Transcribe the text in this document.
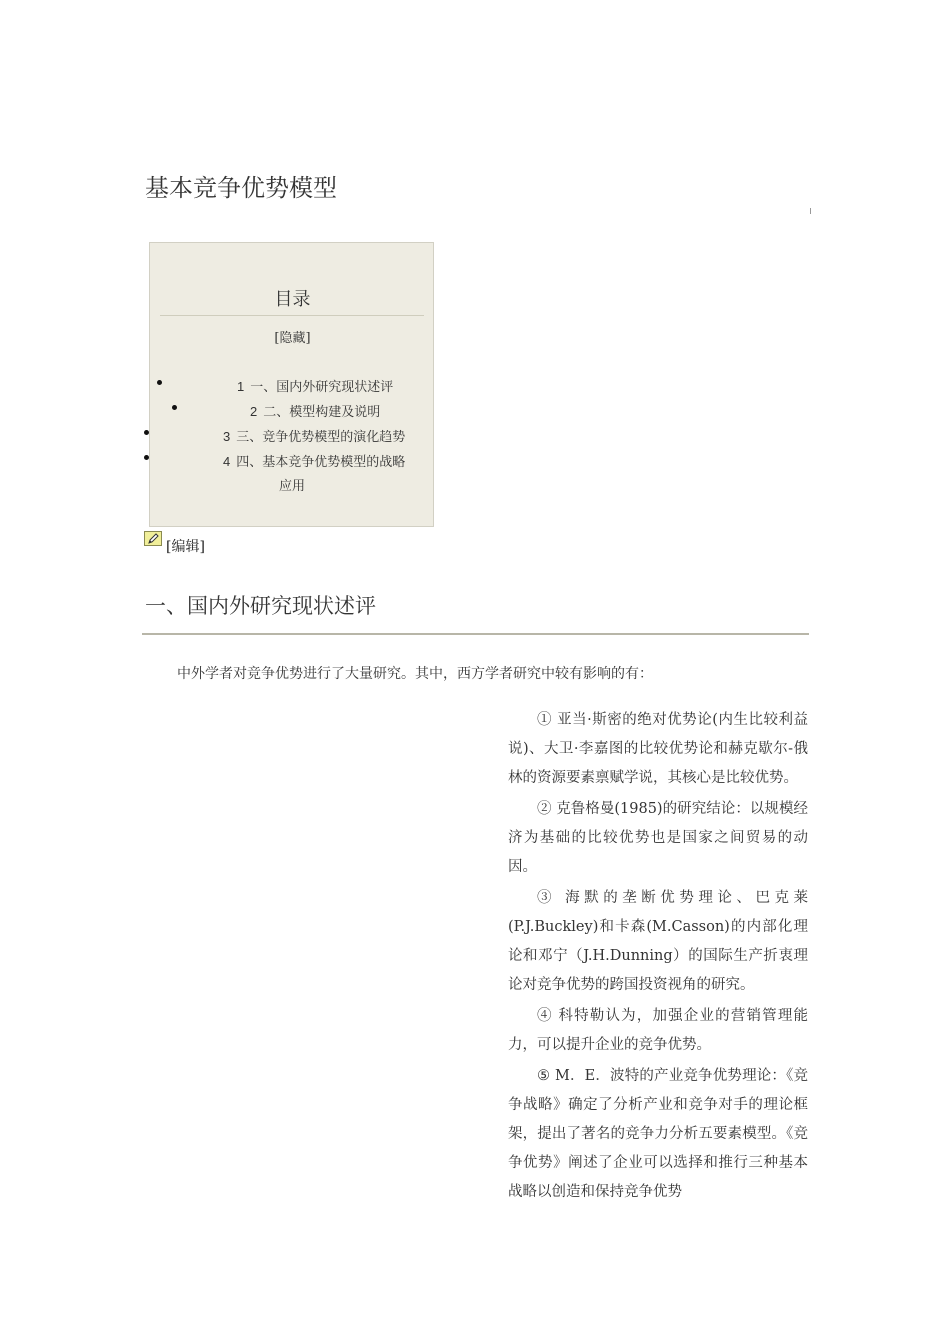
基本竞争优势模型
目录
[隐藏]
1 一、国内外研究现状述评
2 二、模型构建及说明
3 三、竞争优势模型的演化趋势
4 四、基本竞争优势模型的战略
应用
[编辑]
一、国内外研究现状述评
中外学者对竞争优势进行了大量研究。其中，西方学者研究中较有影响的有：

① 亚当·斯密的绝对优势论(内生比较利益说)、大卫·李嘉图的比较优势论和赫克歇尔-俄林的资源要素禀赋学说，其核心是比较优势。

② 克鲁格曼(1985)的研究结论：以规模经济为基础的比较优势也是国家之间贸易的动因。

③ 海默的垄断优势理论、巴克莱(P.J.Buckley)和卡森(M.Casson)的内部化理论和邓宁（J.H.Dunning）的国际生产折衷理论对竞争优势的跨国投资视角的研究。

④ 科特勒认为，加强企业的营销管理能力，可以提升企业的竞争优势。

⑤ M．E．波特的产业竞争优势理论：《竞争战略》确定了分析产业和竞争对手的理论框架，提出了著名的竞争力分析五要素模型。《竞争优势》阐述了企业可以选择和推行三种基本战略以创造和保持竞争优势
